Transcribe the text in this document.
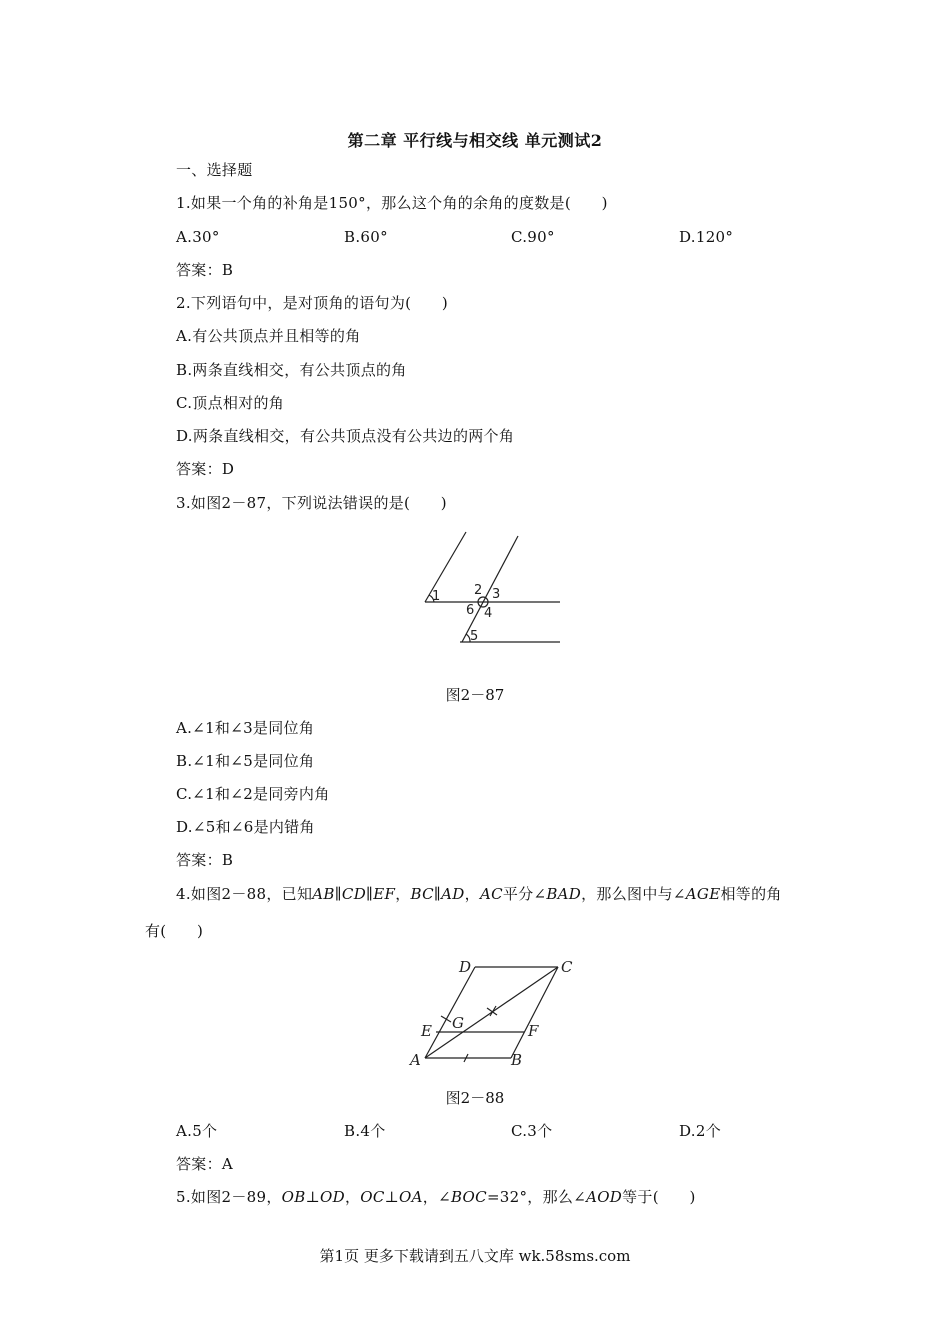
第二章 平行线与相交线 单元测试2
一、选择题
1.如果一个角的补角是150°，那么这个角的余角的度数是(　　)
A.30°	B.60°	C.90°	D.120°
答案：B
2.下列语句中，是对顶角的语句为(　　)
A.有公共顶点并且相等的角
B.两条直线相交，有公共顶点的角
C.顶点相对的角
D.两条直线相交，有公共顶点没有公共边的两个角
答案：D
3.如图2－87，下列说法错误的是(　　)
1	2 3
6 4
5
图2－87
A.∠1和∠3是同位角
B.∠1和∠5是同位角
C.∠1和∠2是同旁内角
D.∠5和∠6是内错角
答案：B
4.如图2－88，已知AB∥CD∥EF，BC∥AD，AC平分∠BAD，那么图中与∠AGE相等的角
有(　　)
D	C
E G	F
A	B
图2－88
A.5个	B.4个	C.3个	D.2个
答案：A
5.如图2－89，OB⊥OD，OC⊥OA，∠BOC=32°，那么∠AOD等于(　　)
第1页 更多下载请到五八文库 wk.58sms.com
